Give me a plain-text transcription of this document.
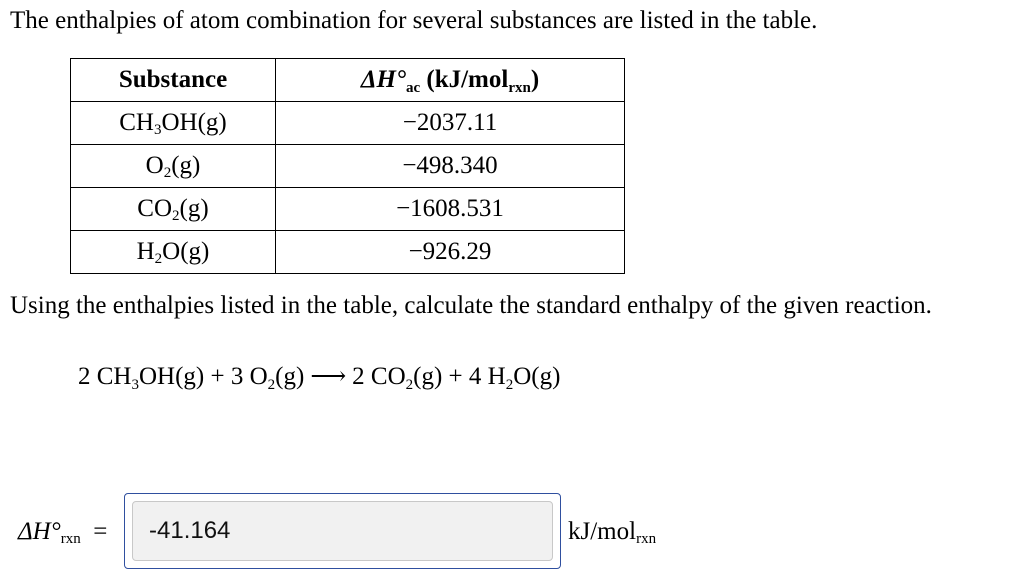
The enthalpies of atom combination for several substances are listed in the table.
Substance	$\Delta H^\circ_{ac}$ (kJ/mol$_{rxn}$)
$CH_3OH(g)$	−2037.11
$O_2(g)$	−498.340
$CO_2(g)$	−1608.531
$H_2O(g)$	−926.29
Using the enthalpies listed in the table, calculate the standard enthalpy of the given reaction.
2 $CH_3OH(g) + 3$ $O_2(g)$ ⟶ 2 $CO_2(g) + 4$ $H_2O(g)$
$\Delta H^\circ_{rxn}$ =
-41.164	kJ/mol$_{rxn}$
